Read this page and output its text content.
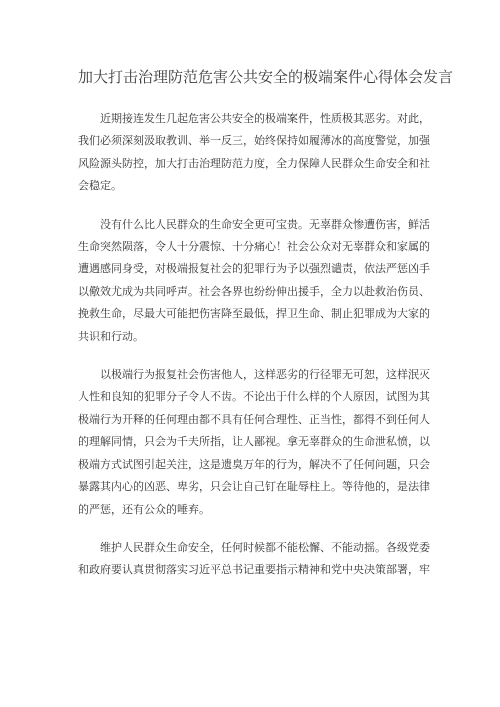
加大打击治理防范危害公共安全的极端案件心得体会发言

近期接连发生几起危害公共安全的极端案件，性质极其恶劣。对此，我们必须深刻汲取教训、举一反三，始终保持如履薄冰的高度警觉，加强风险源头防控，加大打击治理防范力度，全力保障人民群众生命安全和社会稳定。

没有什么比人民群众的生命安全更可宝贵。无辜群众惨遭伤害，鲜活生命突然陨落，令人十分震惊、十分痛心！社会公众对无辜群众和家属的遭遇感同身受，对极端报复社会的犯罪行为予以强烈谴责，依法严惩凶手以儆效尤成为共同呼声。社会各界也纷纷伸出援手，全力以赴救治伤员、挽救生命，尽最大可能把伤害降至最低，捍卫生命、制止犯罪成为大家的共识和行动。

以极端行为报复社会伤害他人，这样恶劣的行径罪无可恕，这样泯灭人性和良知的犯罪分子令人不齿。不论出于什么样的个人原因，试图为其极端行为开释的任何理由都不具有任何合理性、正当性，都得不到任何人的理解同情，只会为千夫所指，让人鄙视。拿无辜群众的生命泄私愤，以极端方式试图引起关注，这是遗臭万年的行为，解决不了任何问题，只会暴露其内心的凶恶、卑劣，只会让自己钉在耻辱柱上。等待他的，是法律的严惩，还有公众的唾弃。

维护人民群众生命安全，任何时候都不能松懈、不能动摇。各级党委和政府要认真贯彻落实习近平总书记重要指示精神和党中央决策部署，牢
